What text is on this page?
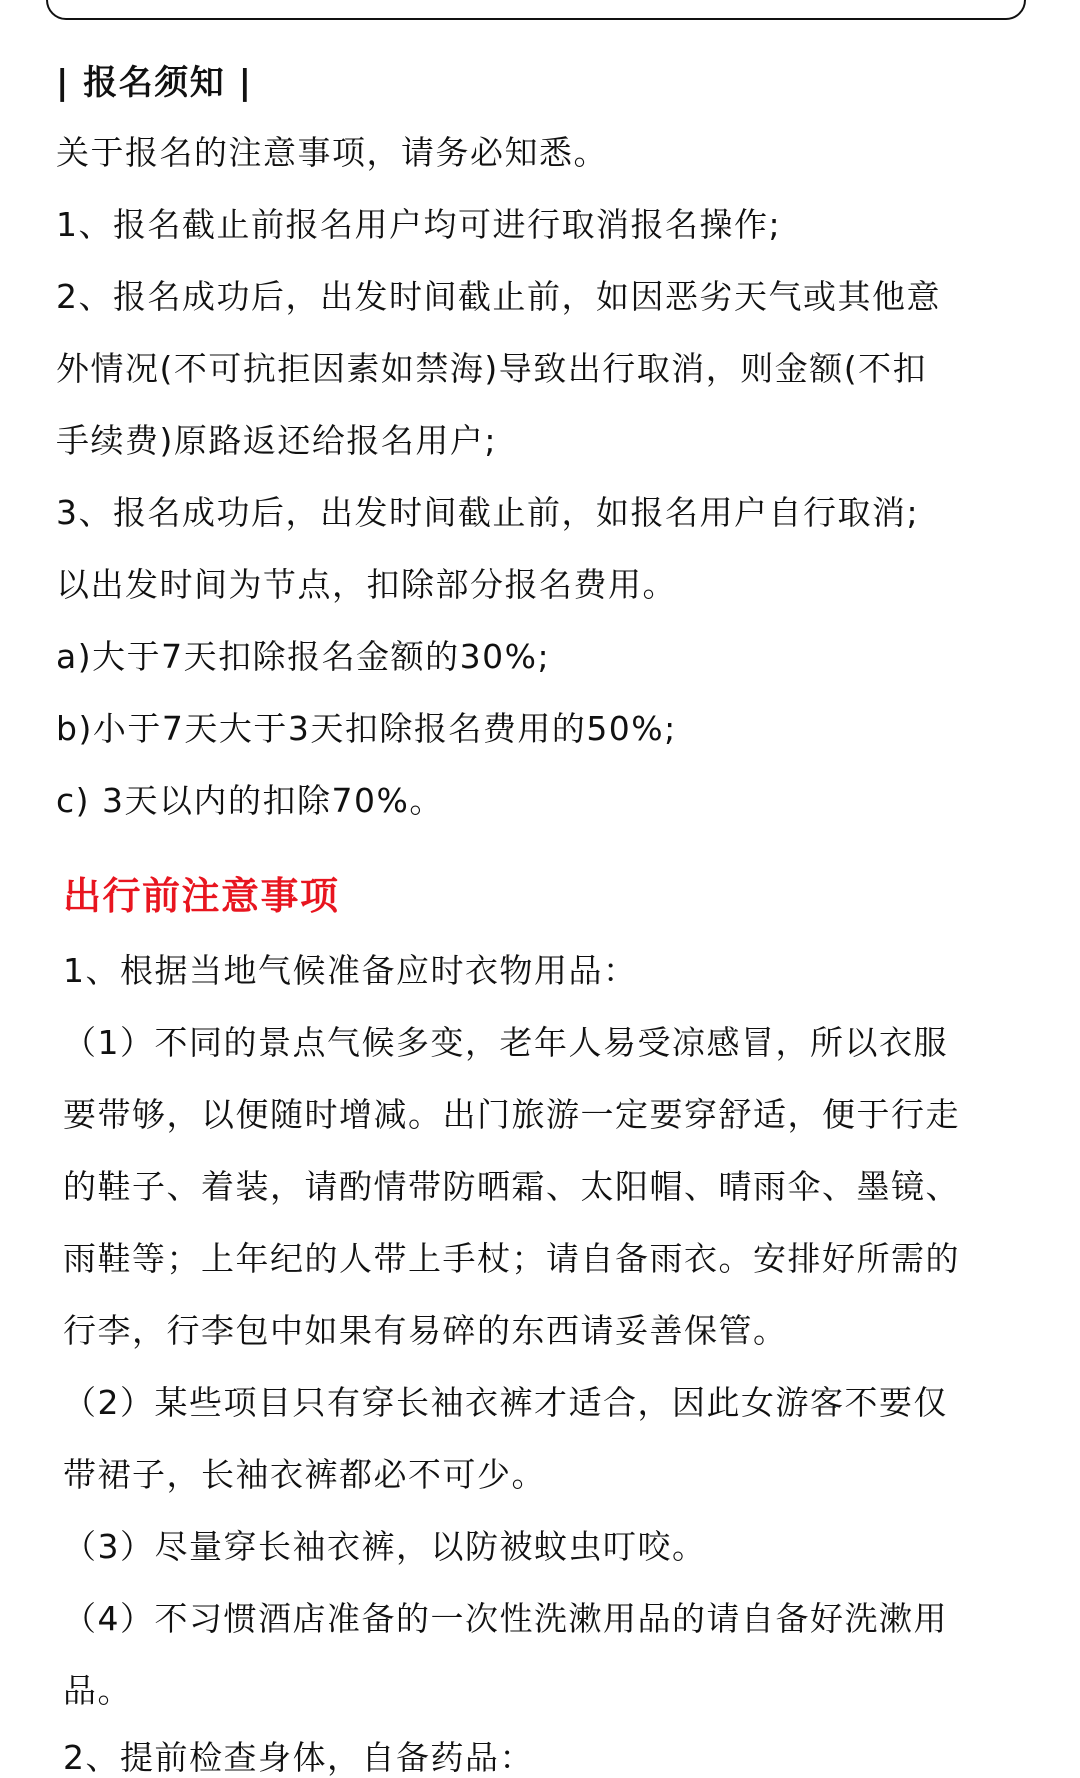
| 报名须知 |

关于报名的注意事项，请务必知悉。

1、报名截止前报名用户均可进行取消报名操作;

2、报名成功后，出发时间截止前，如因恶劣天气或其他意

外情况(不可抗拒因素如禁海)导致出行取消，则金额(不扣

手续费)原路返还给报名用户;

3、报名成功后，出发时间截止前，如报名用户自行取消;

以出发时间为节点，扣除部分报名费用。

a)大于7天扣除报名金额的30%;

b)小于7天大于3天扣除报名费用的50%;

c) 3天以内的扣除70%。

出行前注意事项

1、根据当地气候准备应时衣物用品：

（1）不同的景点气候多变，老年人易受凉感冒，所以衣服

要带够，以便随时增减。出门旅游一定要穿舒适，便于行走

的鞋子、着装，请酌情带防晒霜、太阳帽、晴雨伞、墨镜、

雨鞋等；上年纪的人带上手杖；请自备雨衣。安排好所需的

行李，行李包中如果有易碎的东西请妥善保管。

（2）某些项目只有穿长袖衣裤才适合，因此女游客不要仅

带裙子，长袖衣裤都必不可少。

（3）尽量穿长袖衣裤，以防被蚊虫叮咬。

（4）不习惯酒店准备的一次性洗漱用品的请自备好洗漱用

品。

2、提前检查身体，自备药品：
